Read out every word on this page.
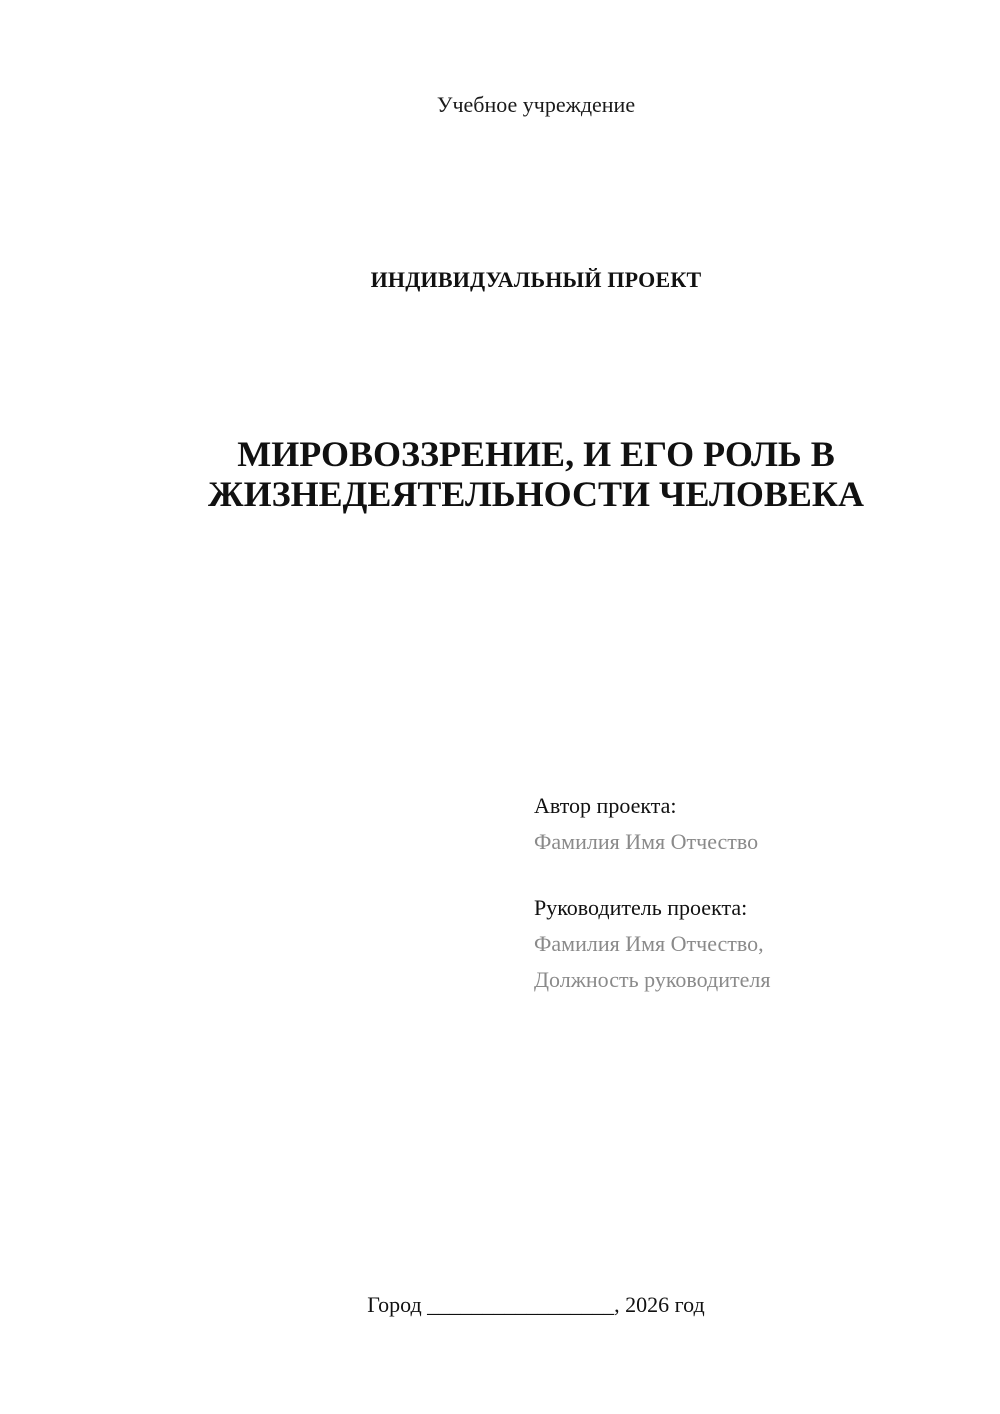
Учебное учреждение
ИНДИВИДУАЛЬНЫЙ ПРОЕКТ
МИРОВОЗЗРЕНИЕ, И ЕГО РОЛЬ В
ЖИЗНЕДЕЯТЕЛЬНОСТИ ЧЕЛОВЕКА
Автор проекта:
Фамилия Имя Отчество
Руководитель проекта:
Фамилия Имя Отчество,
Должность руководителя
Город _________________, 2026 год
